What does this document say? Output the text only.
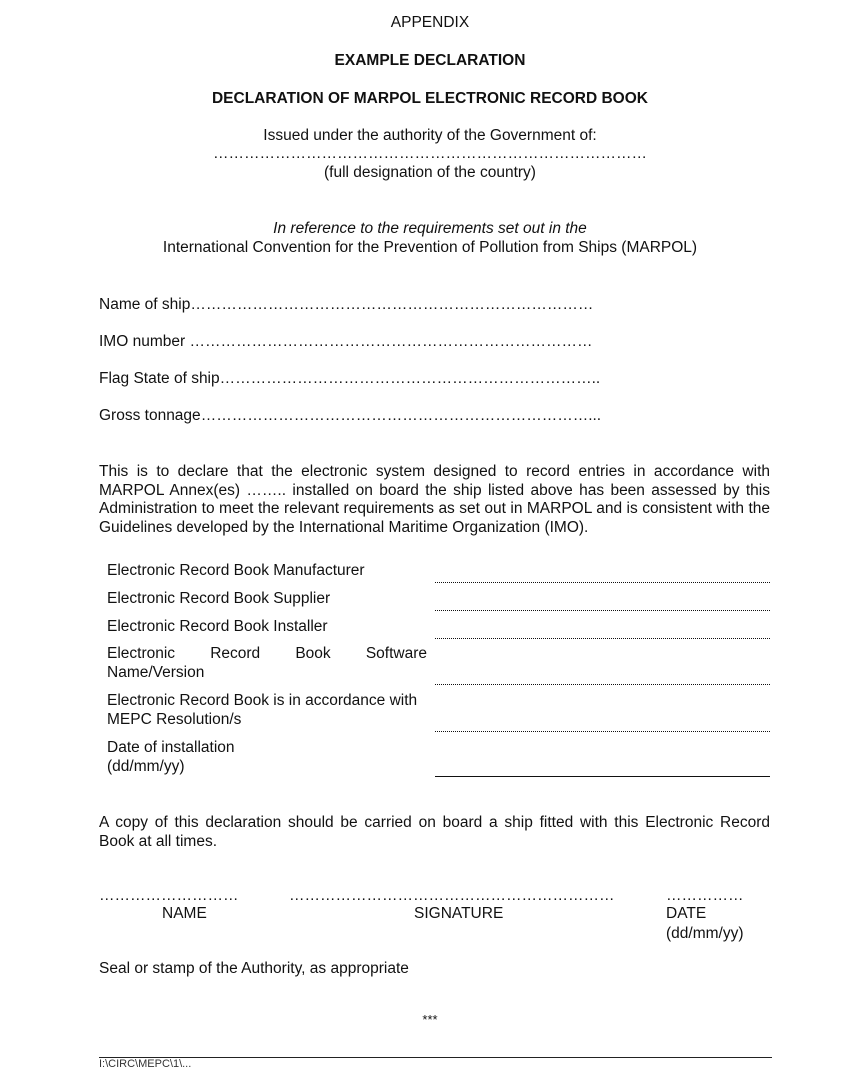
APPENDIX
EXAMPLE DECLARATION
DECLARATION OF MARPOL ELECTRONIC RECORD BOOK
Issued under the authority of the Government of:
…………………………………………………………………………
(full designation of the country)
In reference to the requirements set out in the
International Convention for the Prevention of Pollution from Ships (MARPOL)
Name of ship……………………………………………………………………
IMO number ……………………………………………………………………
Flag State of ship………………………………………………………………..
Gross tonnage…………………………………………………………………...
This is to declare that the electronic system designed to record entries in accordance with MARPOL Annex(es) …….. installed on board the ship listed above has been assessed by this Administration to meet the relevant requirements as set out in MARPOL and is consistent with the Guidelines developed by the International Maritime Organization (IMO).
Electronic Record Book Manufacturer
Electronic Record Book Supplier
Electronic Record Book Installer
Electronic Record Book Software
Name/Version
Electronic Record Book is in accordance with
MEPC Resolution/s
Date of installation
(dd/mm/yy)
A copy of this declaration should be carried on board a ship fitted with this Electronic Record Book at all times.
………………………	………………………………………………………	……………
NAME	SIGNATURE	DATE
(dd/mm/yy)
Seal or stamp of the Authority, as appropriate
***
I:\CIRC\MEPC\1\...
